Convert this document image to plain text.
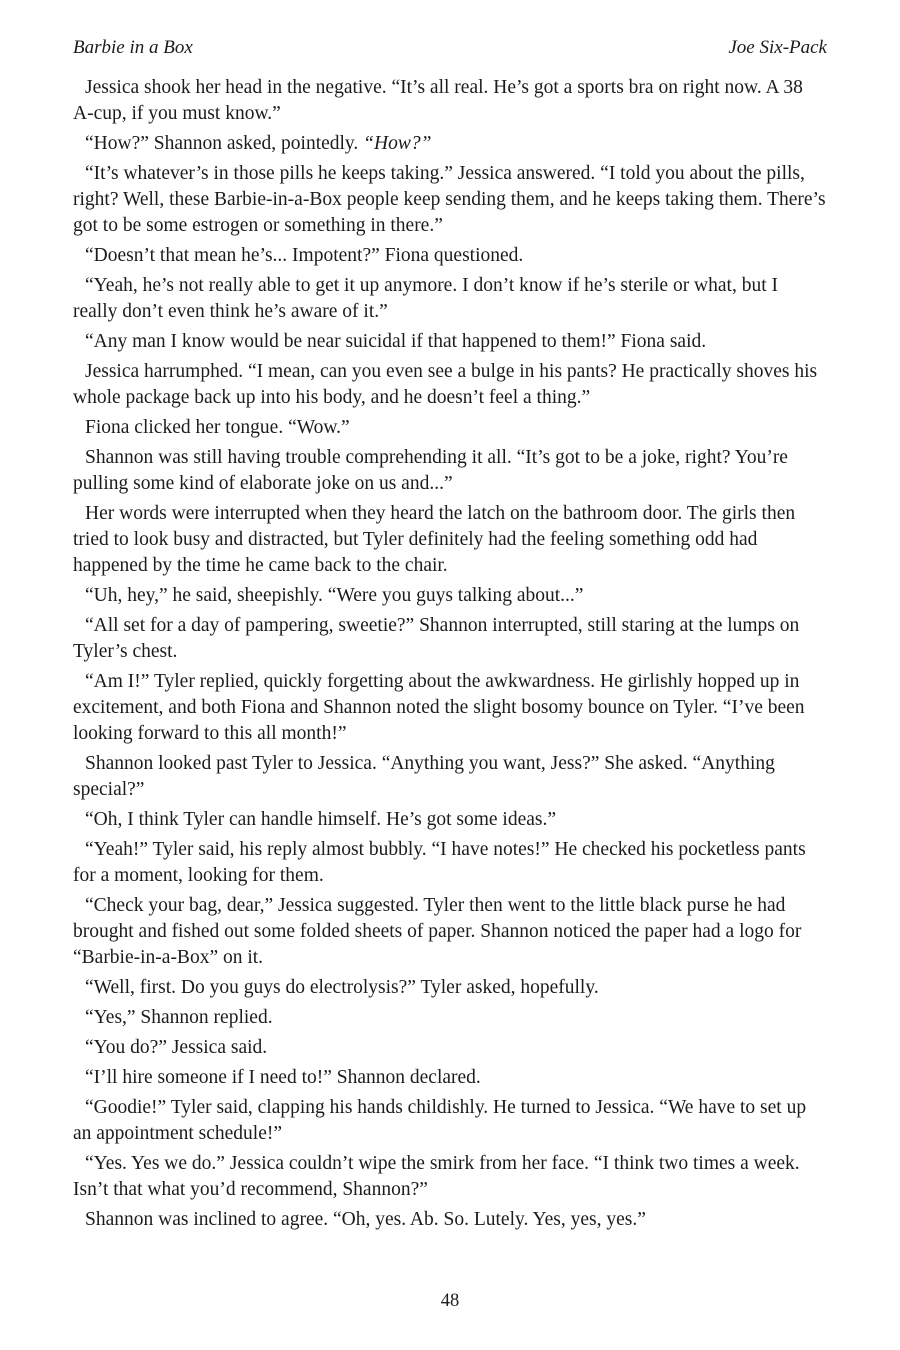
Barbie in a Box	Joe Six-Pack

Jessica shook her head in the negative. “It’s all real. He’s got a sports bra on right now. A 38 A-cup, if you must know.”

“How?” Shannon asked, pointedly. “How?”

“It’s whatever’s in those pills he keeps taking.” Jessica answered. “I told you about the pills, right? Well, these Barbie-in-a-Box people keep sending them, and he keeps taking them. There’s got to be some estrogen or something in there.”

“Doesn’t that mean he’s... Impotent?” Fiona questioned.

“Yeah, he’s not really able to get it up anymore. I don’t know if he’s sterile or what, but I really don’t even think he’s aware of it.”

“Any man I know would be near suicidal if that happened to them!” Fiona said.

Jessica harrumphed. “I mean, can you even see a bulge in his pants? He practically shoves his whole package back up into his body, and he doesn’t feel a thing.”

Fiona clicked her tongue. “Wow.”

Shannon was still having trouble comprehending it all. “It’s got to be a joke, right? You’re pulling some kind of elaborate joke on us and...”

Her words were interrupted when they heard the latch on the bathroom door. The girls then tried to look busy and distracted, but Tyler definitely had the feeling something odd had happened by the time he came back to the chair.

“Uh, hey,” he said, sheepishly. “Were you guys talking about...”

“All set for a day of pampering, sweetie?” Shannon interrupted, still staring at the lumps on Tyler’s chest.

“Am I!” Tyler replied, quickly forgetting about the awkwardness. He girlishly hopped up in excitement, and both Fiona and Shannon noted the slight bosomy bounce on Tyler. “I’ve been looking forward to this all month!”

Shannon looked past Tyler to Jessica. “Anything you want, Jess?” She asked. “Anything special?”

“Oh, I think Tyler can handle himself. He’s got some ideas.”

“Yeah!” Tyler said, his reply almost bubbly. “I have notes!” He checked his pocketless pants for a moment, looking for them.

“Check your bag, dear,” Jessica suggested. Tyler then went to the little black purse he had brought and fished out some folded sheets of paper. Shannon noticed the paper had a logo for “Barbie-in-a-Box” on it.

“Well, first. Do you guys do electrolysis?” Tyler asked, hopefully.

“Yes,” Shannon replied.

“You do?” Jessica said.

“I’ll hire someone if I need to!” Shannon declared.

“Goodie!” Tyler said, clapping his hands childishly. He turned to Jessica. “We have to set up an appointment schedule!”

“Yes. Yes we do.” Jessica couldn’t wipe the smirk from her face. “I think two times a week. Isn’t that what you’d recommend, Shannon?”

Shannon was inclined to agree. “Oh, yes. Ab. So. Lutely. Yes, yes, yes.”

48
